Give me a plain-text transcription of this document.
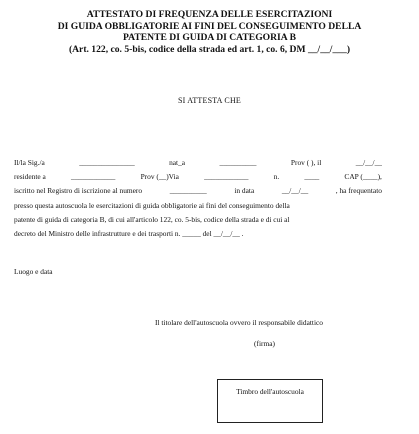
ATTESTATO DI FREQUENZA DELLE ESERCITAZIONI
DI GUIDA OBBLIGATORIE AI FINI DEL CONSEGUIMENTO DELLA
PATENTE DI GUIDA DI CATEGORIA B
(Art. 122, co. 5-bis, codice della strada ed art. 1, co. 6, DM __/__/___)
SI ATTESTA CHE
Il/la Sig./a	_______________	nat_a	__________	Prov ( ), il	__/__/__
residente a	____________	Prov (__)Via	____________	n.	____	CAP (____),
iscritto nel Registro di iscrizione al numero	__________	in data	__/__/__	, ha frequentato
presso questa autoscuola le esercitazioni di guida obbligatorie ai fini del conseguimento della
patente di guida di categoria B, di cui all'articolo 122, co. 5-bis, codice della strada e di cui al
decreto del Ministro delle infrastrutture e dei trasporti n. _____ del __/__/__ .
Luogo e data
Il titolare dell'autoscuola ovvero il responsabile didattico
(firma)
Timbro dell'autoscuola
